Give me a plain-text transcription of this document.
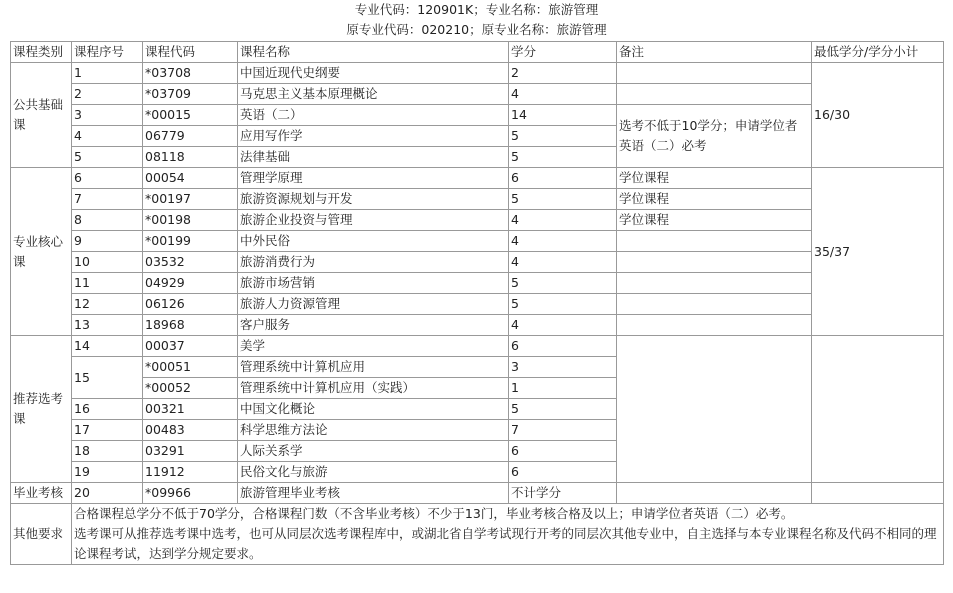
专业代码：120901K；专业名称：旅游管理
原专业代码：020210；原专业名称：旅游管理
课程类别	课程序号	课程代码	课程名称	学分	备注	最低学分/学分小计
公共基础课	1	*03708	中国近现代史纲要	2		16/30
	2	*03709	马克思主义基本原理概论	4		
	3	*00015	英语（二）	14	选考不低于10学分；申请学位者英语（二）必考	
	4	06779	应用写作学	5		
	5	08118	法律基础	5		
专业核心课	6	00054	管理学原理	6	学位课程	35/37
	7	*00197	旅游资源规划与开发	5	学位课程	
	8	*00198	旅游企业投资与管理	4	学位课程	
	9	*00199	中外民俗	4		
	10	03532	旅游消费行为	4		
	11	04929	旅游市场营销	5		
	12	06126	旅游人力资源管理	5		
	13	18968	客户服务	4		
推荐选考课	14	00037	美学	6		
	15	*00051	管理系统中计算机应用	3		
		*00052	管理系统中计算机应用（实践）	1		
	16	00321	中国文化概论	5		
	17	00483	科学思维方法论	7		
	18	03291	人际关系学	6		
	19	11912	民俗文化与旅游	6		
毕业考核	20	*09966	旅游管理毕业考核	不计学分		
其他要求	合格课程总学分不低于70学分，合格课程门数（不含毕业考核）不少于13门，毕业考核合格及以上；申请学位者英语（二）必考。
选考课可从推荐选考课中选考，也可从同层次选考课程库中，或湖北省自学考试现行开考的同层次其他专业中，自主选择与本专业课程名称及代码不相同的理论课程考试，达到学分规定要求。					
